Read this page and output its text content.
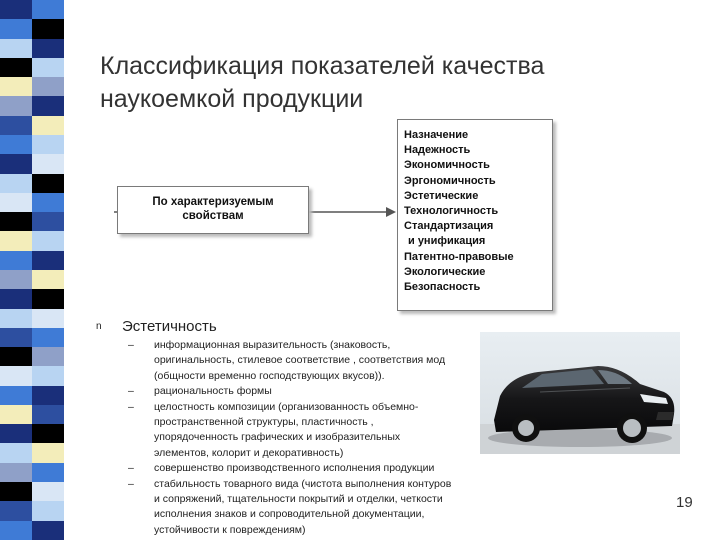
Классификация показателей качества
наукоемкой продукции
По характеризуемым
свойствам
Назначение
Надежность
Экономичность
Эргономичность
Эстетические
Технологичность
Стандартизация
и унификация
Патентно-правовые
Экологические
Безопасность
n	Эстетичность
– информационная выразительность (знаковость,
оригинальность, стилевое соответствие , соответствия мод
(общности временно господствующих вкусов)).
– рациональность формы
– целостность композиции (организованность объемно-
пространственной структуры, пластичность ,
упорядоченность графических и изобразительных
элементов, колорит и декоративность)
– совершенство производственного исполнения продукции
– стабильность товарного вида (чистота выполнения контуров
и сопряжений, тщательности покрытий и отделки, четкости
исполнения знаков и сопроводительной документации,
устойчивости к повреждениям)
19
